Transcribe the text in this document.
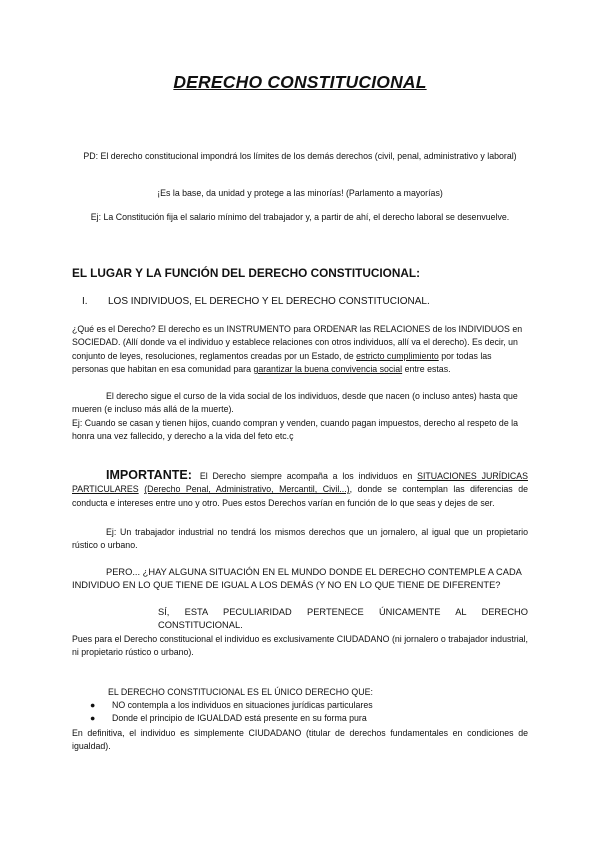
DERECHO CONSTITUCIONAL
PD: El derecho constitucional impondrá los límites de los demás derechos (civil, penal, administrativo y laboral)
¡Es la base, da unidad y protege a las minorías! (Parlamento a mayorías)
Ej: La Constitución fija el salario mínimo del trabajador y, a partir de ahí, el derecho laboral se desenvuelve.
EL LUGAR Y LA FUNCIÓN DEL DERECHO CONSTITUCIONAL:
I. LOS INDIVIDUOS, EL DERECHO Y EL DERECHO CONSTITUCIONAL.
¿Qué es el Derecho? El derecho es un INSTRUMENTO para ORDENAR las RELACIONES de los INDIVIDUOS en SOCIEDAD. (Allí donde va el individuo y establece relaciones con otros individuos, allí va el derecho). Es decir, un conjunto de leyes, resoluciones, reglamentos creadas por un Estado, de estricto cumplimiento por todas las personas que habitan en esa comunidad para garantizar la buena convivencia social entre estas.
El derecho sigue el curso de la vida social de los individuos, desde que nacen (o incluso antes) hasta que mueren (e incluso más allá de la muerte).
Ej: Cuando se casan y tienen hijos, cuando compran y venden, cuando pagan impuestos, derecho al respeto de la honra una vez fallecido, y derecho a la vida del feto etc.ç
IMPORTANTE: El Derecho siempre acompaña a los individuos en SITUACIONES JURÍDICAS PARTICULARES (Derecho Penal, Administrativo, Mercantil, Civil...), donde se contemplan las diferencias de conducta e intereses entre uno y otro. Pues estos Derechos varían en función de lo que seas y dejes de ser.
Ej: Un trabajador industrial no tendrá los mismos derechos que un jornalero, al igual que un propietario rústico o urbano.
PERO... ¿HAY ALGUNA SITUACIÓN EN EL MUNDO DONDE EL DERECHO CONTEMPLE A CADA INDIVIDUO EN LO QUE TIENE DE IGUAL A LOS DEMÁS (Y NO EN LO QUE TIENE DE DIFERENTE?
SÍ, ESTA PECULIARIDAD PERTENECE ÚNICAMENTE AL DERECHO CONSTITUCIONAL.
Pues para el Derecho constitucional el individuo es exclusivamente CIUDADANO (ni jornalero o trabajador industrial, ni propietario rústico o urbano).
EL DERECHO CONSTITUCIONAL ES EL ÚNICO DERECHO QUE:
● NO contempla a los individuos en situaciones jurídicas particulares
● Donde el principio de IGUALDAD está presente en su forma pura
En definitiva, el individuo es simplemente CIUDADANO (titular de derechos fundamentales en condiciones de igualdad).
